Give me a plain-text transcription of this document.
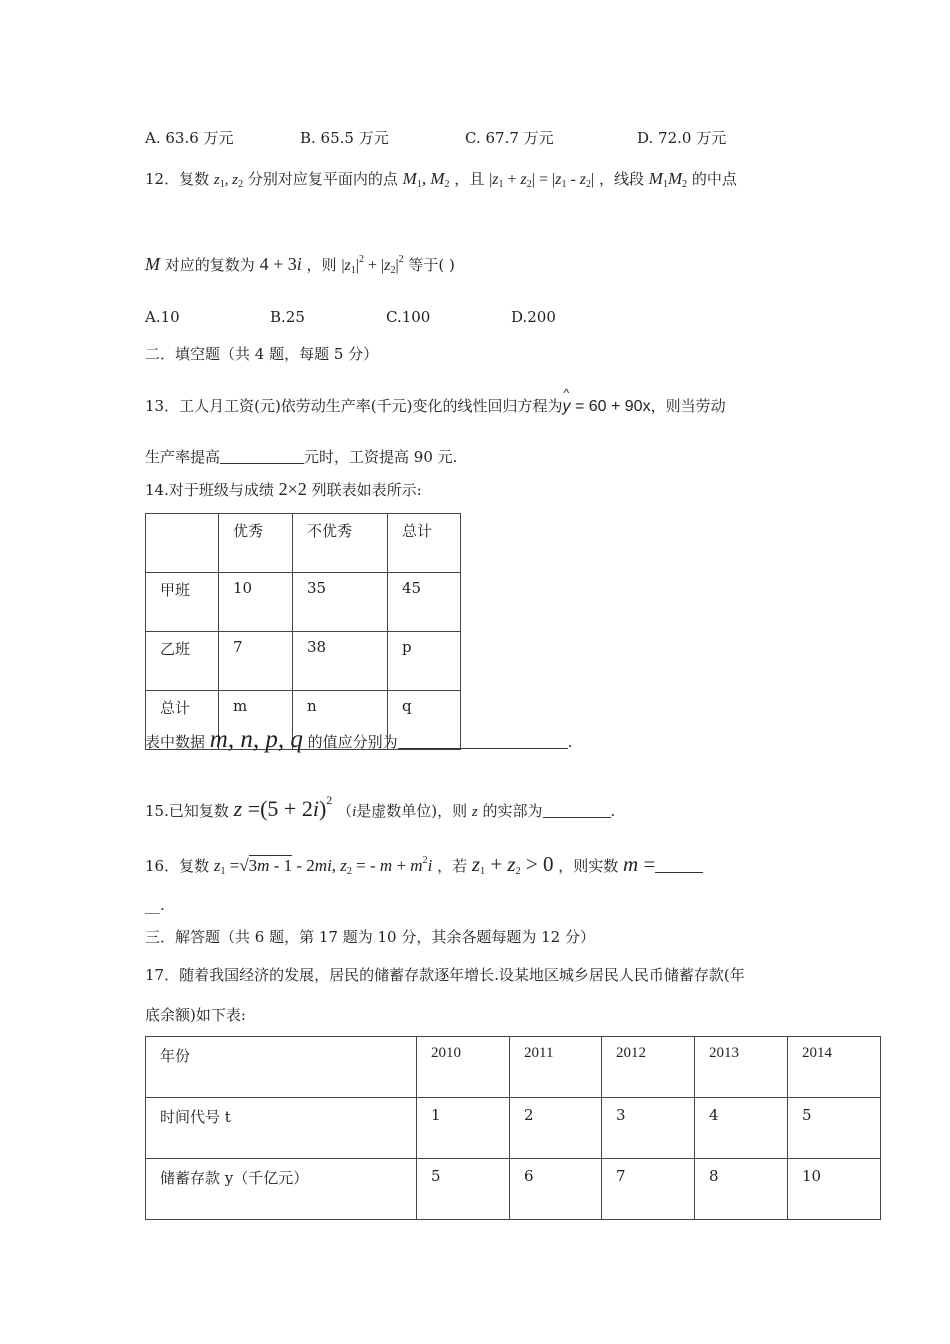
A. 63.6 万元	B. 65.5 万元	C. 67.7 万元	D. 72.0 万元
12．复数 $z_1$, $z_2$ 分别对应复平面内的点 $M_1$, $M_2$ ，且 $|z_1 + z_2| = |z_1 - z_2|$ ，线段 $M_1M_2$ 的中点
M 对应的复数为 4 + 3i ，则 $|z_1|^2 + |z_2|^2$ 等于( )
A.10	B.25	C.100	D.200
二．填空题（共 4 题，每题 5 分）
13．工人月工资(元)依劳动生产率(千元)变化的线性回归方程为y
^
= 60 + 90x，则当劳动
生产率提高	元时，工资提高 90 元.
14.对于班级与成绩 2×2 列联表如表所示:
	优秀	不优秀	总计
甲班	10	35	45
乙班	7	38	p
总计	m	n	q
表中数据 m, n, p, q 的值应分别为	.
15.已知复数 $z =(5 + 2i)^2$ （i是虚数单位)，则 z 的实部为	.
16．复数 $z_1 =√3m - 1 - 2mi$, $z_2$ = - $m + m^2i$ ，若 $z_1 + z_2 > 0$ ，则实数 m =
__.
三．解答题（共 6 题，第 17 题为 10 分，其余各题每题为 12 分）
17．随着我国经济的发展，居民的储蓄存款逐年增长.设某地区城乡居民人民币储蓄存款(年
底余额)如下表:
年份	2010	2011	2012	2013	2014
时间代号 t	1	2	3	4	5
储蓄存款 y（千亿元）	5	6	7	8	10
